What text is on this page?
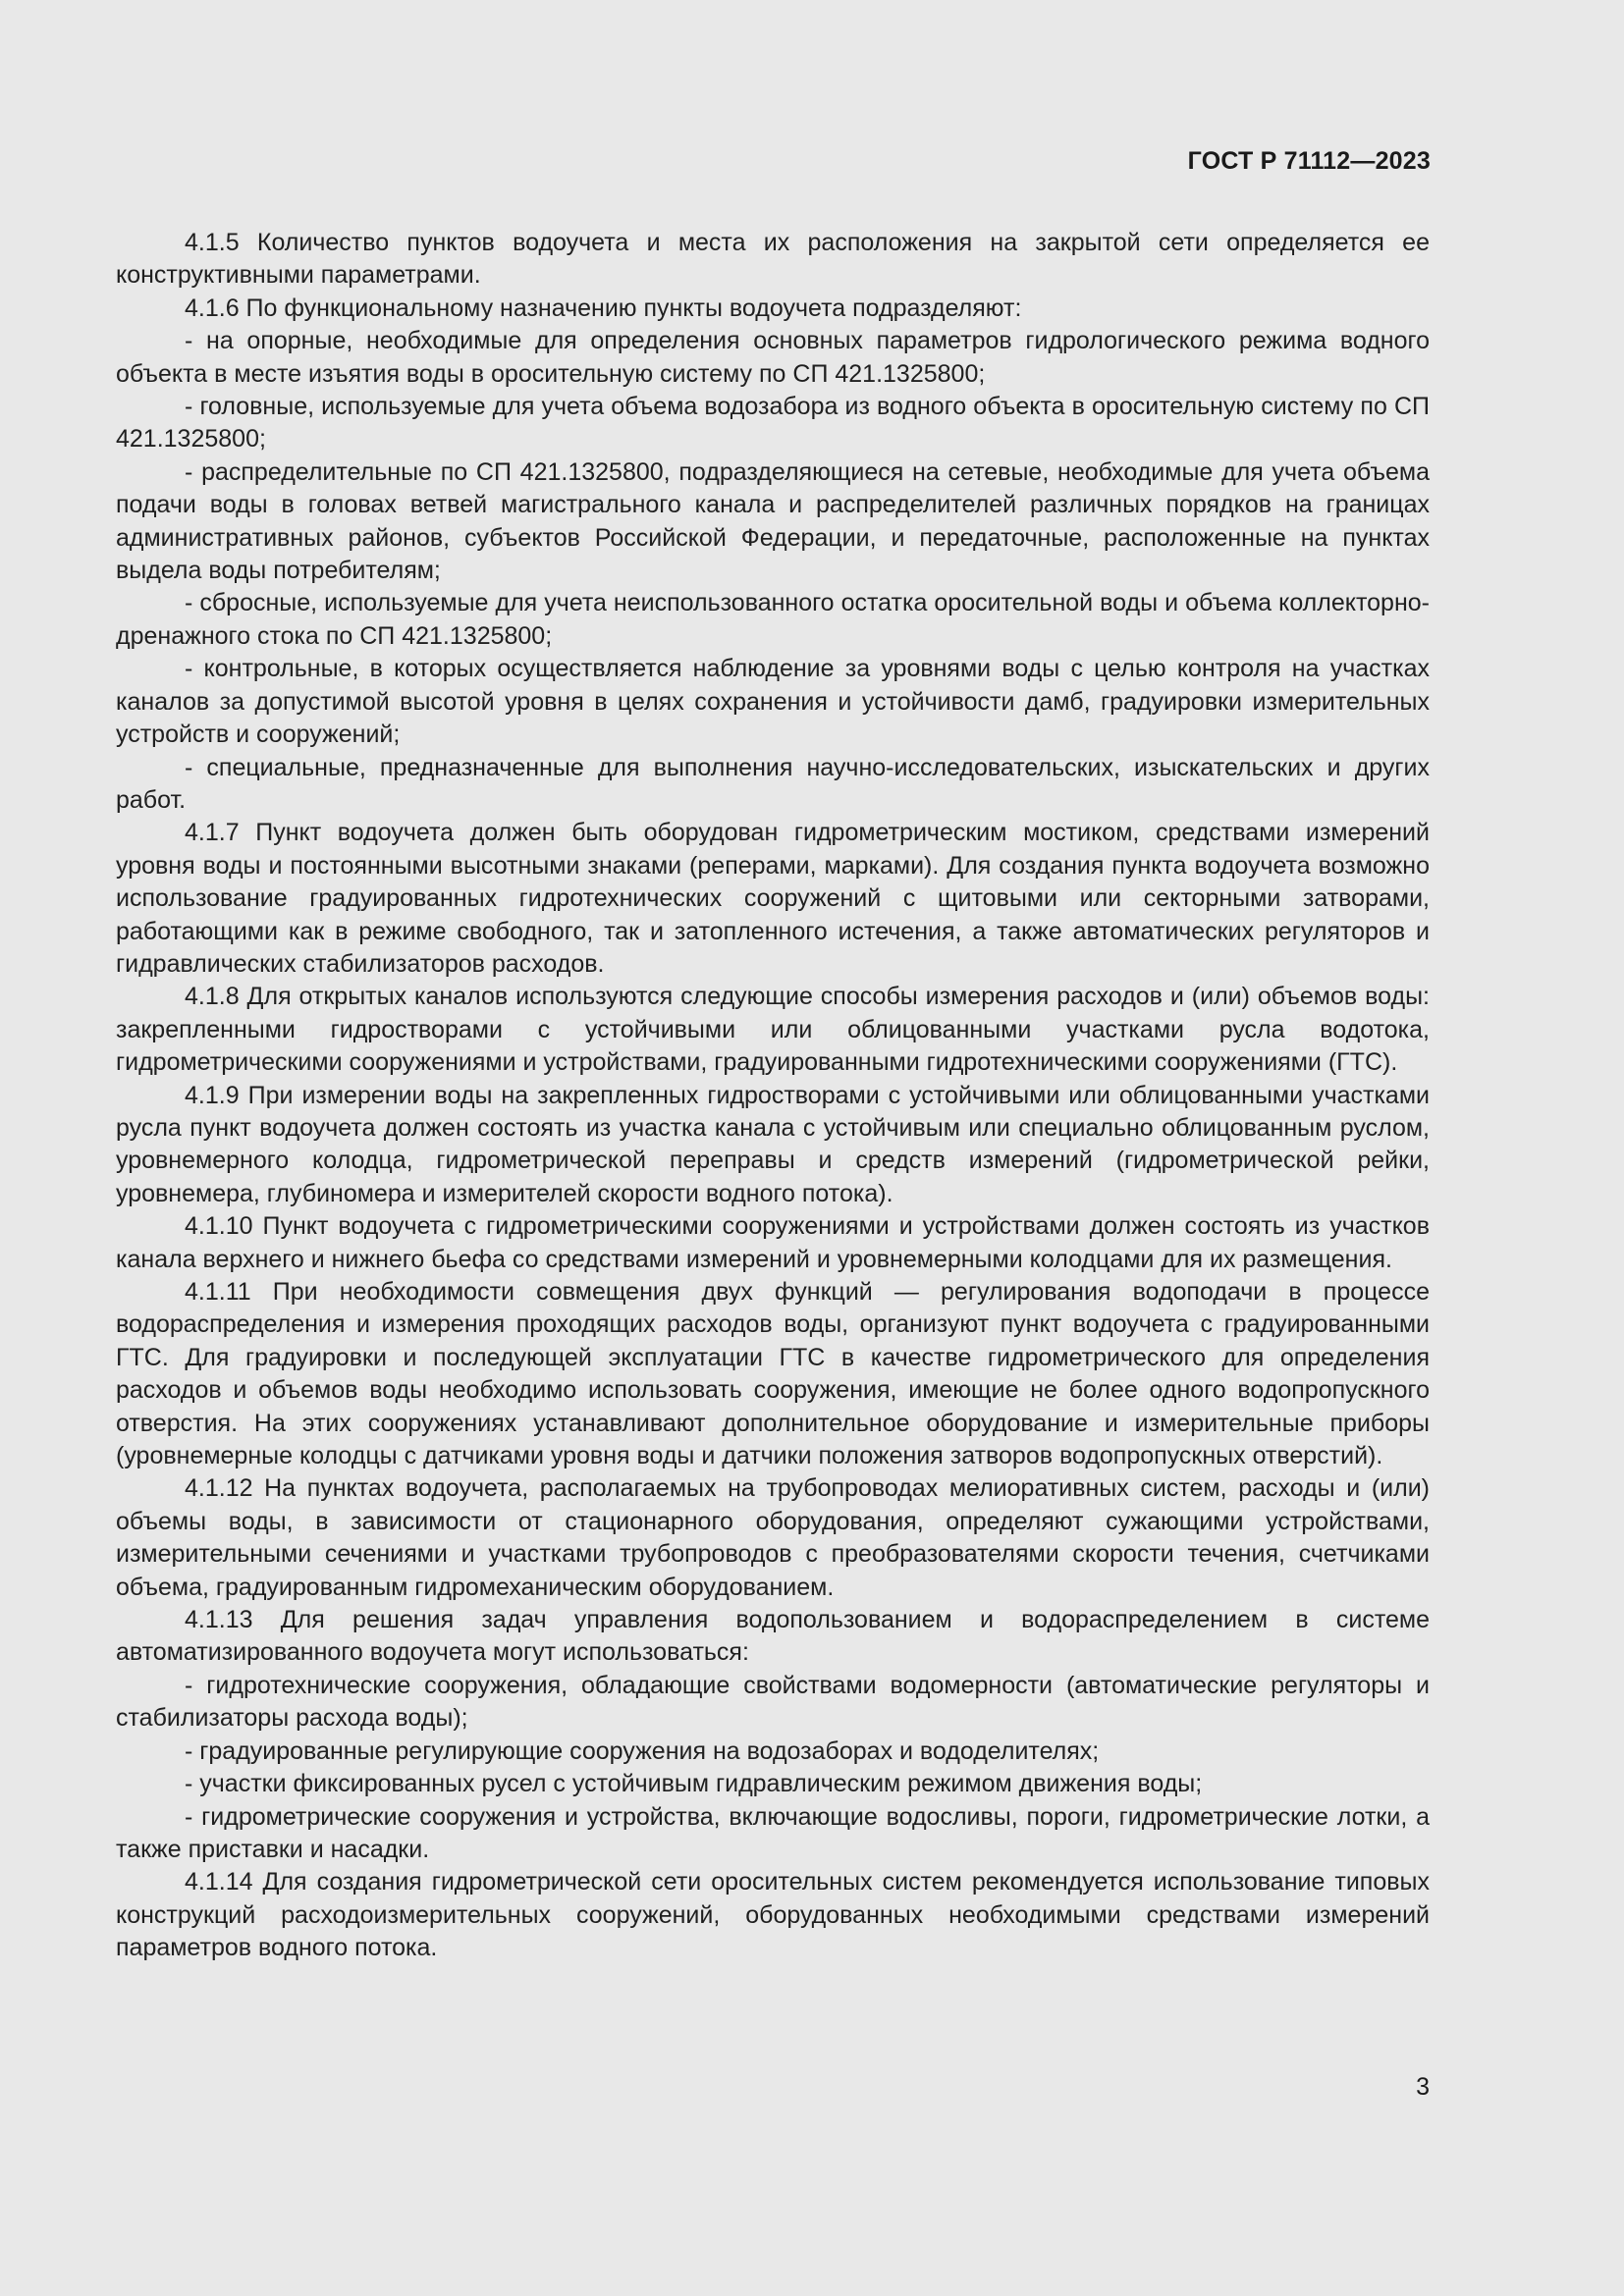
ГОСТ Р 71112—2023

4.1.5 Количество пунктов водоучета и места их расположения на закрытой сети определяется ее конструктивными параметрами.

4.1.6 По функциональному назначению пункты водоучета подразделяют:

- на опорные, необходимые для определения основных параметров гидрологического режима водного объекта в месте изъятия воды в оросительную систему по СП 421.1325800;

- головные, используемые для учета объема водозабора из водного объекта в оросительную систему по СП 421.1325800;

- распределительные по СП 421.1325800, подразделяющиеся на сетевые, необходимые для учета объема подачи воды в головах ветвей магистрального канала и распределителей различных порядков на границах административных районов, субъектов Российской Федерации, и передаточные, расположенные на пунктах выдела воды потребителям;

- сбросные, используемые для учета неиспользованного остатка оросительной воды и объема коллекторно-дренажного стока по СП 421.1325800;

- контрольные, в которых осуществляется наблюдение за уровнями воды с целью контроля на участках каналов за допустимой высотой уровня в целях сохранения и устойчивости дамб, градуировки измерительных устройств и сооружений;

- специальные, предназначенные для выполнения научно-исследовательских, изыскательских и других работ.

4.1.7 Пункт водоучета должен быть оборудован гидрометрическим мостиком, средствами измерений уровня воды и постоянными высотными знаками (реперами, марками). Для создания пункта водоучета возможно использование градуированных гидротехнических сооружений с щитовыми или секторными затворами, работающими как в режиме свободного, так и затопленного истечения, а также автоматических регуляторов и гидравлических стабилизаторов расходов.

4.1.8 Для открытых каналов используются следующие способы измерения расходов и (или) объемов воды: закрепленными гидростворами с устойчивыми или облицованными участками русла водотока, гидрометрическими сооружениями и устройствами, градуированными гидротехническими сооружениями (ГТС).

4.1.9 При измерении воды на закрепленных гидростворами с устойчивыми или облицованными участками русла пункт водоучета должен состоять из участка канала с устойчивым или специально облицованным руслом, уровнемерного колодца, гидрометрической переправы и средств измерений (гидрометрической рейки, уровнемера, глубиномера и измерителей скорости водного потока).

4.1.10 Пункт водоучета с гидрометрическими сооружениями и устройствами должен состоять из участков канала верхнего и нижнего бьефа со средствами измерений и уровнемерными колодцами для их размещения.

4.1.11 При необходимости совмещения двух функций — регулирования водоподачи в процессе водораспределения и измерения проходящих расходов воды, организуют пункт водоучета с градуированными ГТС. Для градуировки и последующей эксплуатации ГТС в качестве гидрометрического для определения расходов и объемов воды необходимо использовать сооружения, имеющие не более одного водопропускного отверстия. На этих сооружениях устанавливают дополнительное оборудование и измерительные приборы (уровнемерные колодцы с датчиками уровня воды и датчики положения затворов водопропускных отверстий).

4.1.12 На пунктах водоучета, располагаемых на трубопроводах мелиоративных систем, расходы и (или) объемы воды, в зависимости от стационарного оборудования, определяют сужающими устройствами, измерительными сечениями и участками трубопроводов с преобразователями скорости течения, счетчиками объема, градуированным гидромеханическим оборудованием.

4.1.13 Для решения задач управления водопользованием и водораспределением в системе автоматизированного водоучета могут использоваться:

- гидротехнические сооружения, обладающие свойствами водомерности (автоматические регуляторы и стабилизаторы расхода воды);

- градуированные регулирующие сооружения на водозаборах и вододелителях;

- участки фиксированных русел с устойчивым гидравлическим режимом движения воды;

- гидрометрические сооружения и устройства, включающие водосливы, пороги, гидрометрические лотки, а также приставки и насадки.

4.1.14 Для создания гидрометрической сети оросительных систем рекомендуется использование типовых конструкций расходоизмерительных сооружений, оборудованных необходимыми средствами измерений параметров водного потока.

3
